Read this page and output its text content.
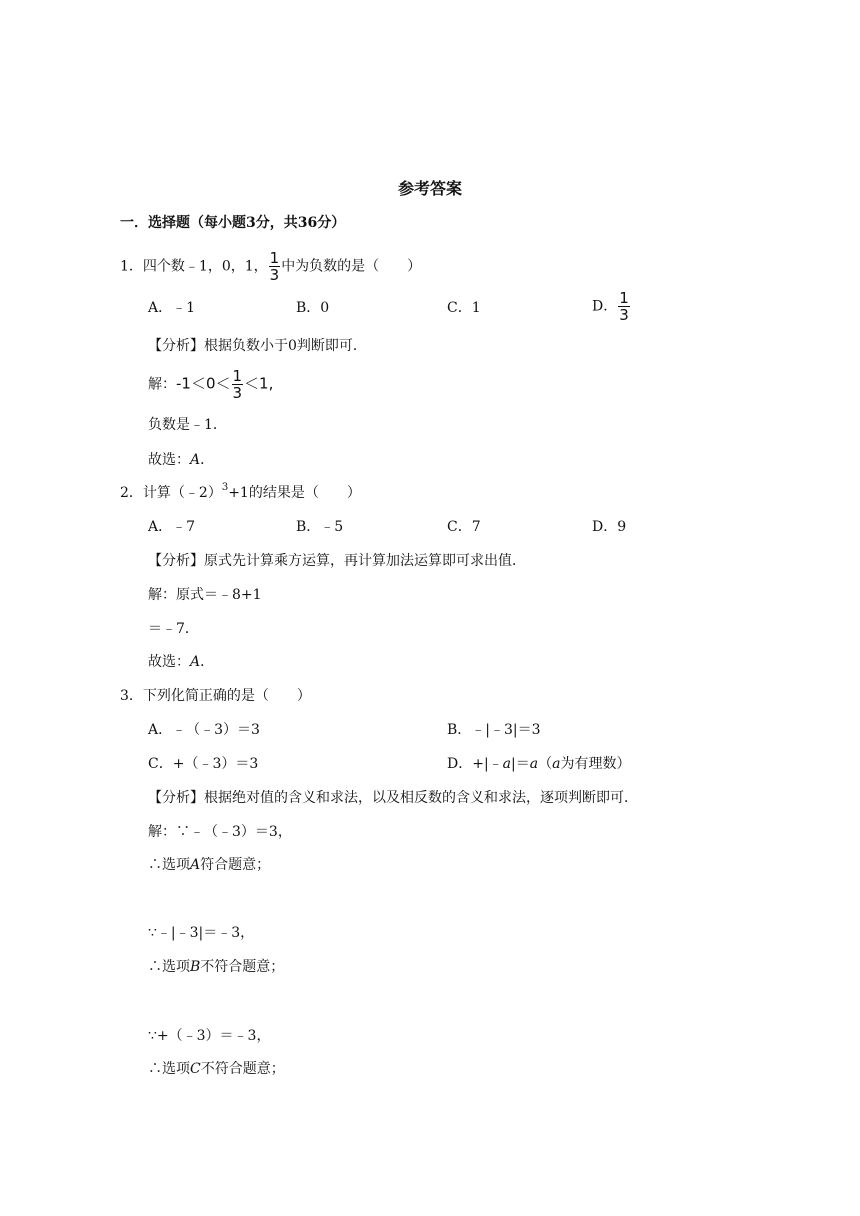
参考答案
一．选择题（每小题3分，共36分）
1．四个数﹣1，0，1， $\frac{1}{3}$ 中为负数的是（　　）
A．﹣1	B．0	C．1	D． $\frac{1}{3}$
【分析】根据负数小于0判断即可．
解：$-1<0< \frac{1}{3} <1$,
负数是﹣1．
故选：A．
2．计算（﹣2）$^3$+1的结果是（　　）
A．﹣7	B．﹣5	C．7	D．9
【分析】原式先计算乘方运算，再计算加法运算即可求出值．
解：原式＝﹣8+1
＝﹣7．
故选：A．
3．下列化简正确的是（　　）
A．﹣（﹣3）＝3	B．﹣|﹣3|＝3
C．+（﹣3）＝3	D．+|﹣a|＝a（a为有理数）
【分析】根据绝对值的含义和求法，以及相反数的含义和求法，逐项判断即可．
解：∵﹣（﹣3）＝3，
∴选项A符合题意；
∵﹣|﹣3|＝﹣3，
∴选项B不符合题意；
∵+（﹣3）＝﹣3，
∴选项C不符合题意；
